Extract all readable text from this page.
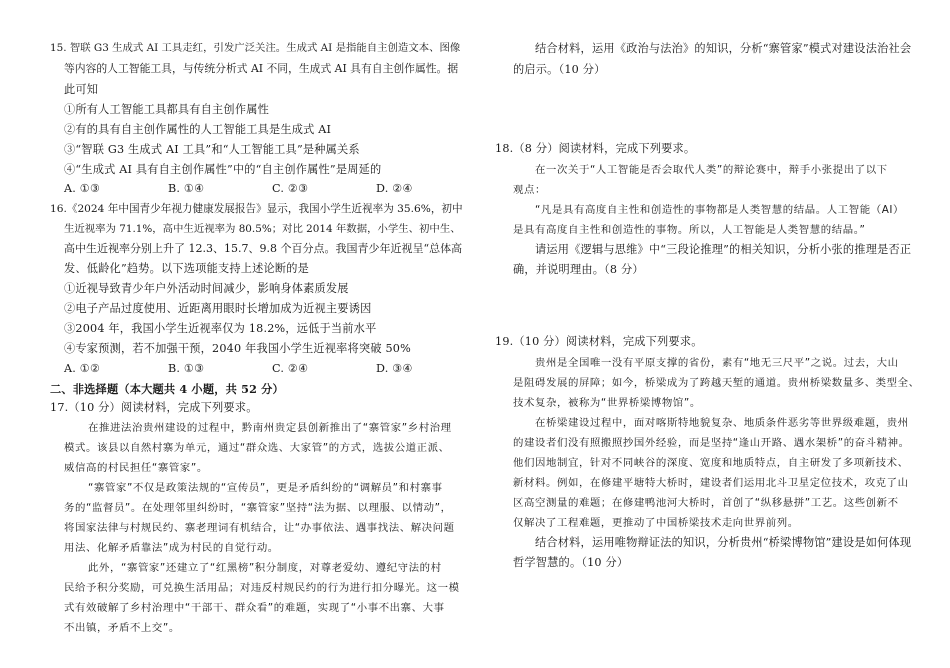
15. 智联 G3 生成式 AI 工具走红，引发广泛关注。生成式 AI 是指能自主创造文本、图像
等内容的人工智能工具，与传统分析式 AI 不同，生成式 AI 具有自主创作属性。据
此可知
①所有人工智能工具都具有自主创作属性
②有的具有自主创作属性的人工智能工具是生成式 AI
③“智联 G3 生成式 AI 工具”和“人工智能工具”是种属关系
④“生成式 AI 具有自主创作属性”中的“自主创作属性”是周延的
A. ①③	B. ①④	C. ②③	D. ②④
16.《2024 年中国青少年视力健康发展报告》显示，我国小学生近视率为 35.6%，初中
生近视率为 71.1%，高中生近视率为 80.5%；对比 2014 年数据，小学生、初中生、
高中生近视率分别上升了 12.3、15.7、9.8 个百分点。我国青少年近视呈“总体高
发、低龄化”趋势。以下选项能支持上述论断的是
①近视导致青少年户外活动时间减少，影响身体素质发展
②电子产品过度使用、近距离用眼时长增加成为近视主要诱因
③2004 年，我国小学生近视率仅为 18.2%，远低于当前水平
④专家预测，若不加强干预，2040 年我国小学生近视率将突破 50%
A. ①②	B. ①③	C. ②④	D. ③④
二、非选择题（本大题共 4 小题，共 52 分）
17.（10 分）阅读材料，完成下列要求。
在推进法治贵州建设的过程中，黔南州贵定县创新推出了“寨管家”乡村治理
模式。该县以自然村寨为单元，通过“群众选、大家管”的方式，选拔公道正派、
威信高的村民担任“寨管家”。
“寨管家”不仅是政策法规的“宣传员”，更是矛盾纠纷的“调解员”和村寨事
务的“监督员”。在处理邻里纠纷时，“寨管家”坚持“法为据、以理服、以情动”，
将国家法律与村规民约、寨老理词有机结合，让“办事依法、遇事找法、解决问题
用法、化解矛盾靠法”成为村民的自觉行动。
此外，“寨管家”还建立了“红黑榜”积分制度，对尊老爱幼、遵纪守法的村
民给予积分奖励，可兑换生活用品；对违反村规民约的行为进行扣分曝光。这一模
式有效破解了乡村治理中“干部干、群众看”的难题，实现了“小事不出寨、大事
不出镇，矛盾不上交”。
结合材料，运用《政治与法治》的知识，分析“寨管家”模式对建设法治社会
的启示。（10 分）
18.（8 分）阅读材料，完成下列要求。
在一次关于“人工智能是否会取代人类”的辩论赛中，辩手小张提出了以下
观点：
“凡是具有高度自主性和创造性的事物都是人类智慧的结晶。人工智能（AI）
是具有高度自主性和创造性的事物。所以，人工智能是人类智慧的结晶。”
请运用《逻辑与思维》中“三段论推理”的相关知识，分析小张的推理是否正
确，并说明理由。（8 分）
19.（10 分）阅读材料，完成下列要求。
贵州是全国唯一没有平原支撑的省份，素有“地无三尺平”之说。过去，大山
是阻碍发展的屏障；如今，桥梁成为了跨越天堑的通道。贵州桥梁数量多、类型全、
技术复杂，被称为“世界桥梁博物馆”。
在桥梁建设过程中，面对喀斯特地貌复杂、地质条件恶劣等世界级难题，贵州
的建设者们没有照搬照抄国外经验，而是坚持“逢山开路、遇水架桥”的奋斗精神。
他们因地制宜，针对不同峡谷的深度、宽度和地质特点，自主研发了多项新技术、
新材料。例如，在修建平塘特大桥时，建设者们运用北斗卫星定位技术，攻克了山
区高空测量的难题；在修建鸭池河大桥时，首创了“纵移悬拼”工艺。这些创新不
仅解决了工程难题，更推动了中国桥梁技术走向世界前列。
结合材料，运用唯物辩证法的知识，分析贵州“桥梁博物馆”建设是如何体现
哲学智慧的。（10 分）
